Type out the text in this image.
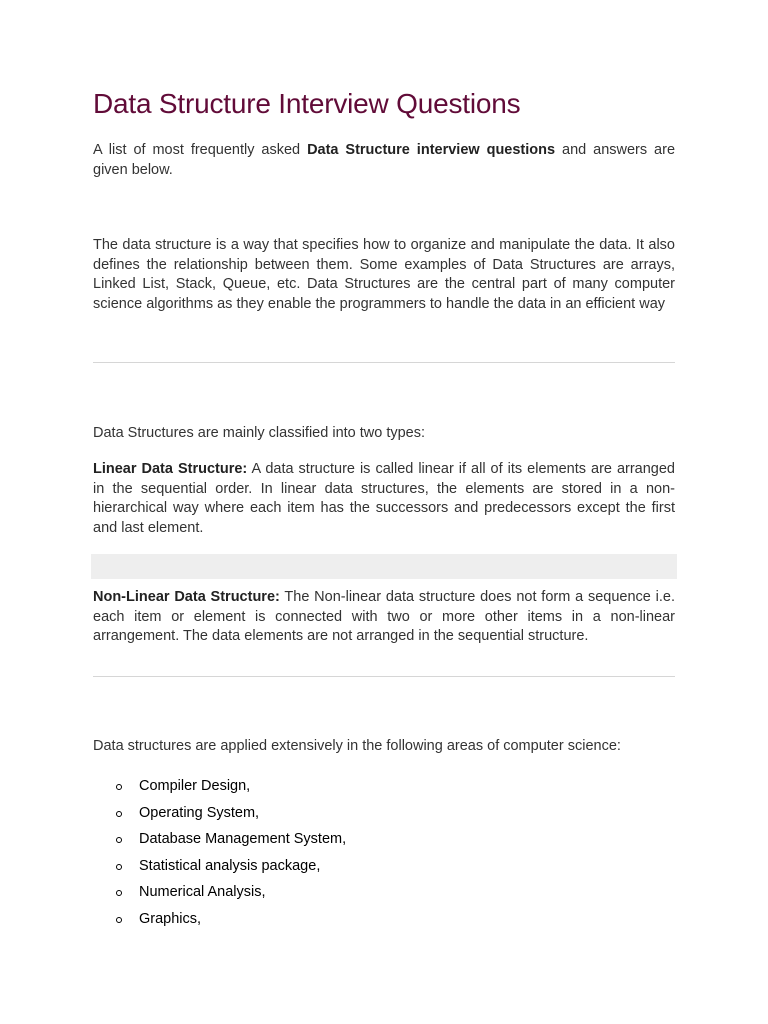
Data Structure Interview Questions

A list of most frequently asked Data Structure interview questions and answers are given below.

The data structure is a way that specifies how to organize and manipulate the data. It also defines the relationship between them. Some examples of Data Structures are arrays, Linked List, Stack, Queue, etc. Data Structures are the central part of many computer science algorithms as they enable the programmers to handle the data in an efficient way

Data Structures are mainly classified into two types:

Linear Data Structure: A data structure is called linear if all of its elements are arranged in the sequential order. In linear data structures, the elements are stored in a non-hierarchical way where each item has the successors and predecessors except the first and last element.

Non-Linear Data Structure: The Non-linear data structure does not form a sequence i.e. each item or element is connected with two or more other items in a non-linear arrangement. The data elements are not arranged in the sequential structure.

Data structures are applied extensively in the following areas of computer science:

Compiler Design,
Operating System,
Database Management System,
Statistical analysis package,
Numerical Analysis,
Graphics,
